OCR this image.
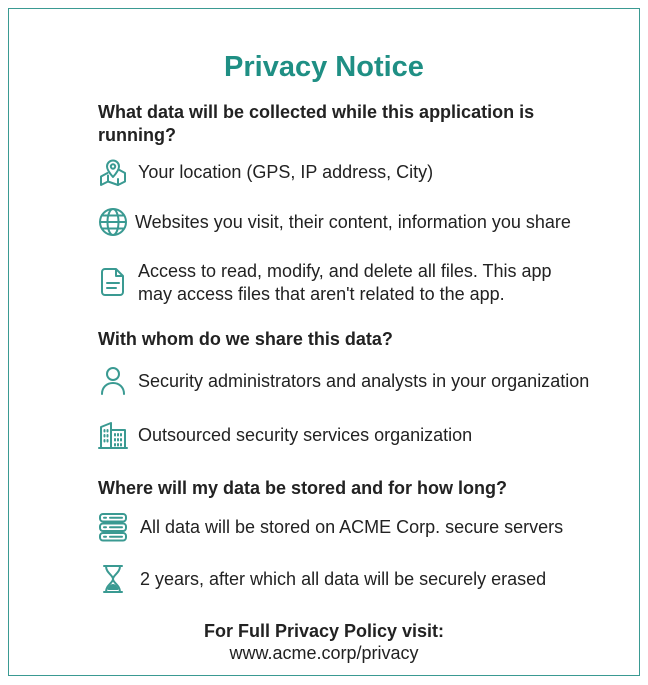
Privacy Notice
What data will be collected while this application is running?
Your location (GPS, IP address, City)
Websites you visit, their content, information you share
Access to read, modify, and delete all files. This app may access files that aren't related to the app.
With whom do we share this data?
Security administrators and analysts in your organization
Outsourced security services organization
Where will my data be stored and for how long?
All data will be stored on ACME Corp. secure servers
2 years, after which all data will be securely erased
For Full Privacy Policy visit:
www.acme.corp/privacy
